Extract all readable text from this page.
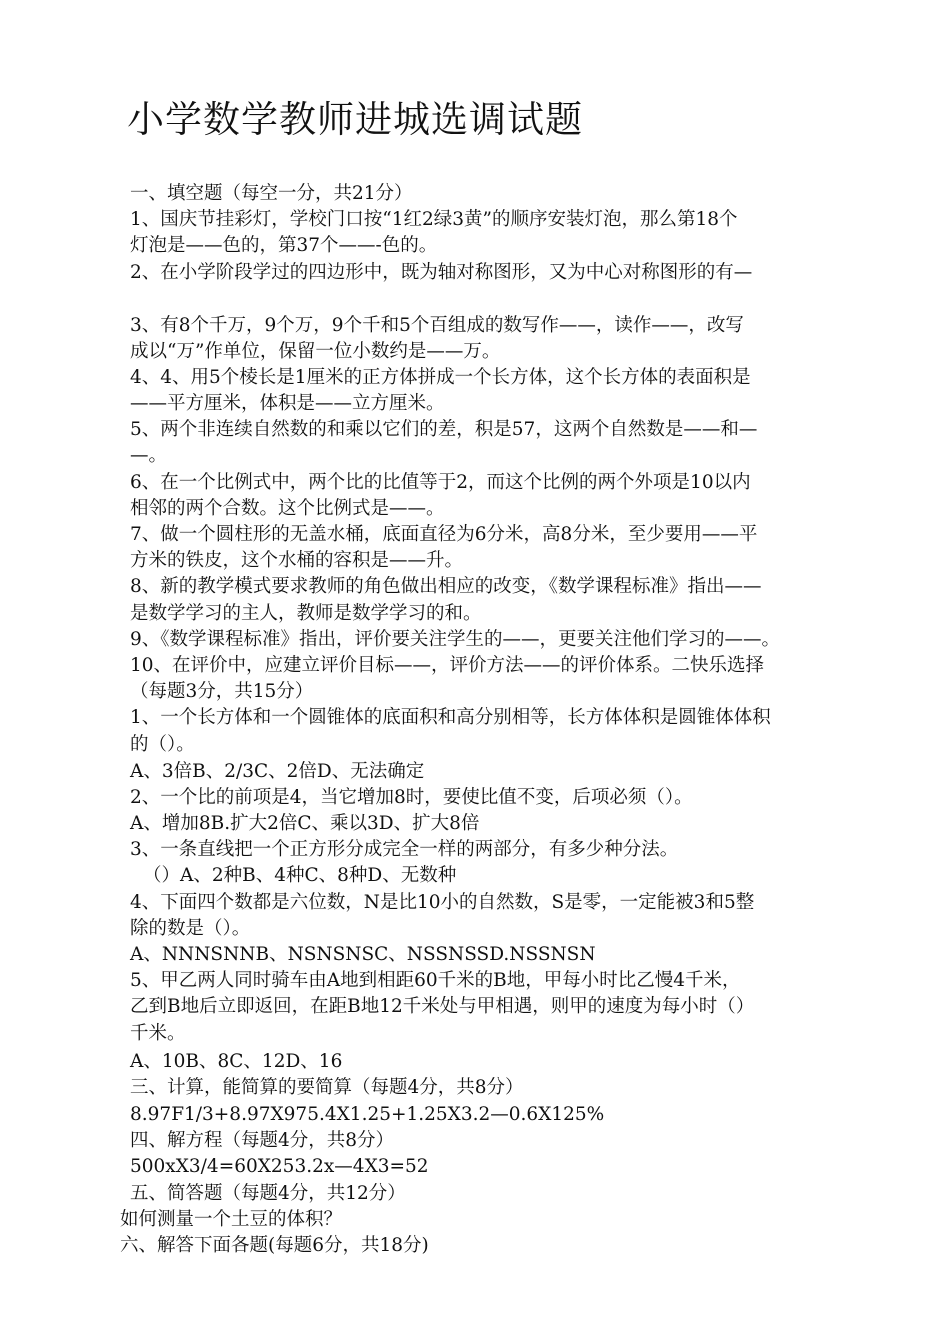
小学数学教师进城选调试题
一、填空题（每空一分，共21分）
1、国庆节挂彩灯，学校门口按“1红2绿3黄”的顺序安装灯泡，那么第18个
灯泡是——色的，第37个——-色的。
2、在小学阶段学过的四边形中，既为轴对称图形，又为中心对称图形的有—
3、有8个千万，9个万，9个千和5个百组成的数写作——，读作——，改写
成以“万”作单位，保留一位小数约是——万。
4、4、用5个棱长是1厘米的正方体拼成一个长方体，这个长方体的表面积是
——平方厘米，体积是——立方厘米。
5、两个非连续自然数的和乘以它们的差，积是57，这两个自然数是——和—
—。
6、在一个比例式中，两个比的比值等于2，而这个比例的两个外项是10以内
相邻的两个合数。这个比例式是——。
7、做一个圆柱形的无盖水桶，底面直径为6分米，高8分米，至少要用——平
方米的铁皮，这个水桶的容积是——升。
8、新的教学模式要求教师的角色做出相应的改变，《数学课程标准》指出——
是数学学习的主人，教师是数学学习的和。
9、《数学课程标准》指出，评价要关注学生的——，更要关注他们学习的——。
10、在评价中，应建立评价目标——，评价方法——的评价体系。二快乐选择
（每题3分，共15分）
1、一个长方体和一个圆锥体的底面积和高分别相等，长方体体积是圆锥体体积
的（）。
A、3倍B、2/3C、2倍D、无法确定
2、一个比的前项是4，当它增加8时，要使比值不变，后项必须（）。
A、增加8B.扩大2倍C、乘以3D、扩大8倍
3、一条直线把一个正方形分成完全一样的两部分，有多少种分法。
（）A、2种B、4种C、8种D、无数种
4、下面四个数都是六位数，N是比10小的自然数，S是零，一定能被3和5整
除的数是（）。
A、NNNSNNB、NSNSNSC、NSSNSSD.NSSNSN
5、甲乙两人同时骑车由A地到相距60千米的B地，甲每小时比乙慢4千米，
乙到B地后立即返回，在距B地12千米处与甲相遇，则甲的速度为每小时（）
千米。
A、10B、8C、12D、16
三、计算，能简算的要简算（每题4分，共8分）
8.97F1/3+8.97X975.4X1.25+1.25X3.2—0.6X125%
四、解方程（每题4分，共8分）
500xX3/4=60X253.2x—4X3=52
五、简答题（每题4分，共12分）
如何测量一个土豆的体积？
六、解答下面各题(每题6分，共18分)
